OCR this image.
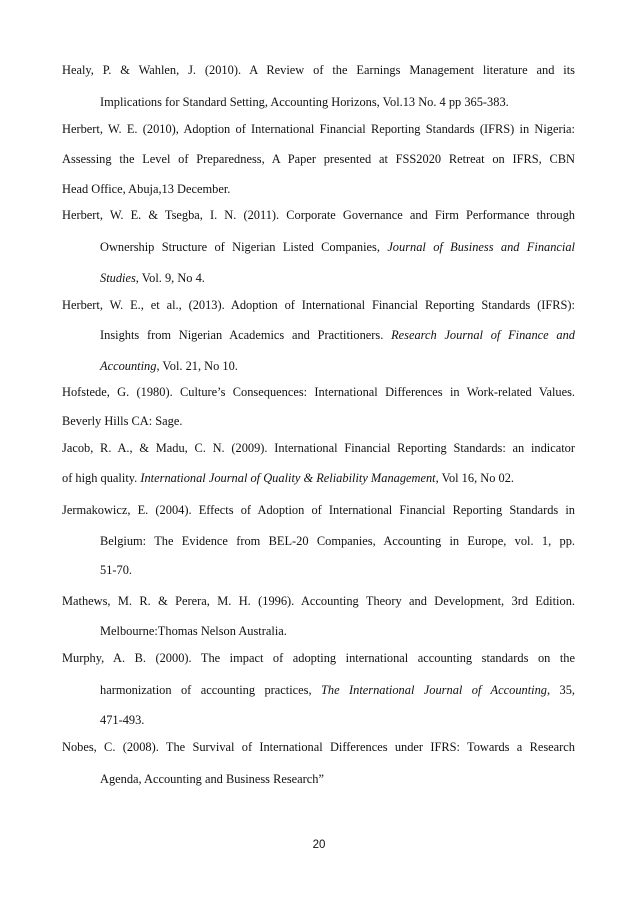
Healy, P. & Wahlen, J. (2010). A Review of the Earnings Management literature and its
Implications for Standard Setting, Accounting Horizons, Vol.13 No. 4 pp 365-383.
Herbert, W. E. (2010), Adoption of International Financial Reporting Standards (IFRS) in Nigeria:
Assessing the Level of Preparedness, A Paper presented at FSS2020 Retreat on IFRS, CBN
Head Office, Abuja,13 December.
Herbert, W. E. & Tsegba, I. N. (2011). Corporate Governance and Firm Performance through
Ownership Structure of Nigerian Listed Companies, Journal of Business and Financial
Studies, Vol. 9, No 4.
Herbert, W. E., et al., (2013). Adoption of International Financial Reporting Standards (IFRS):
Insights from Nigerian Academics and Practitioners. Research Journal of Finance and
Accounting, Vol. 21, No 10.
Hofstede, G. (1980). Culture’s Consequences: International Differences in Work-related Values.
Beverly Hills CA: Sage.
Jacob, R. A., & Madu, C. N. (2009). International Financial Reporting Standards: an indicator
of high quality. International Journal of Quality & Reliability Management, Vol 16, No 02.
Jermakowicz, E. (2004). Effects of Adoption of International Financial Reporting Standards in
Belgium: The Evidence from BEL-20 Companies, Accounting in Europe, vol. 1, pp.
51-70.
Mathews, M. R. & Perera, M. H. (1996). Accounting Theory and Development, 3rd Edition.
Melbourne:Thomas Nelson Australia.
Murphy, A. B. (2000). The impact of adopting international accounting standards on the
harmonization of accounting practices, The International Journal of Accounting, 35,
471-493.
Nobes, C. (2008). The Survival of International Differences under IFRS: Towards a Research
Agenda, Accounting and Business Research”
20
